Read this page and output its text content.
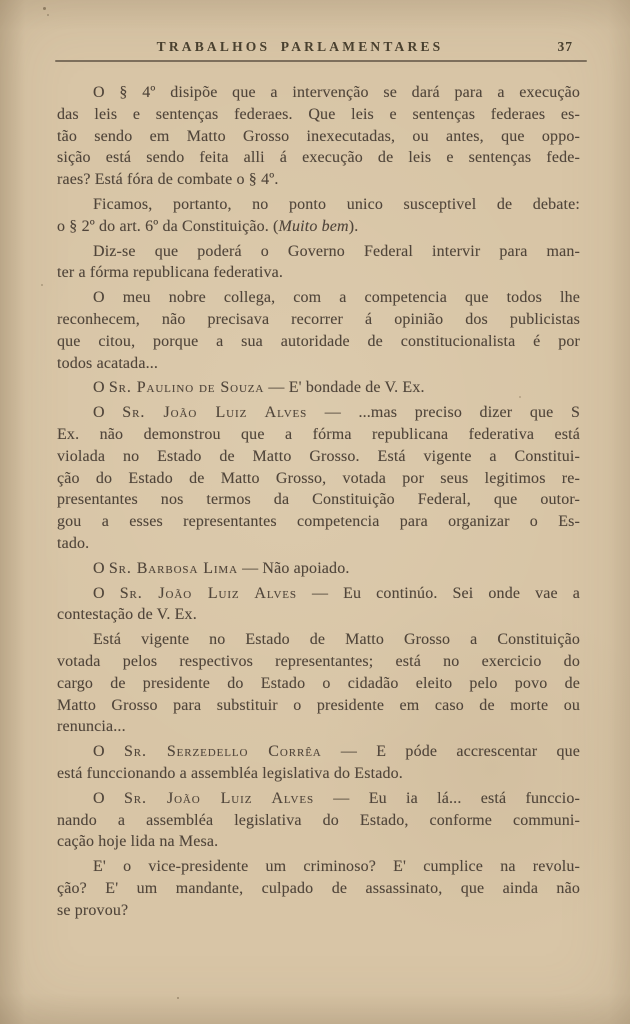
TRABALHOS PARLAMENTARES	37
O § 4º disipõe que a intervenção se dará para a execução
das leis e sentenças federaes. Que leis e sentenças federaes es-
tão sendo em Matto Grosso inexecutadas, ou antes, que oppo-
sição está sendo feita alli á execução de leis e sentenças fede-
raes? Está fóra de combate o § 4º.
Ficamos, portanto, no ponto unico susceptivel de debate:
o § 2º do art. 6º da Constituição. (Muito bem).
Diz-se que poderá o Governo Federal intervir para man-
ter a fórma republicana federativa.
O meu nobre collega, com a competencia que todos lhe
reconhecem, não precisava recorrer á opinião dos publicistas
que citou, porque a sua autoridade de constitucionalista é por
todos acatada...
O Sr. Paulino de Souza — E' bondade de V. Ex.
O Sr. João Luiz Alves — ...mas preciso dizer que S
Ex. não demonstrou que a fórma republicana federativa está
violada no Estado de Matto Grosso. Está vigente a Constitui-
ção do Estado de Matto Grosso, votada por seus legitimos re-
presentantes nos termos da Constituição Federal, que outor-
gou a esses representantes competencia para organizar o Es-
tado.
O Sr. Barbosa Lima — Não apoiado.
O Sr. João Luiz Alves — Eu continúo. Sei onde vae a
contestação de V. Ex.
Está vigente no Estado de Matto Grosso a Constituição
votada pelos respectivos representantes; está no exercicio do
cargo de presidente do Estado o cidadão eleito pelo povo de
Matto Grosso para substituir o presidente em caso de morte ou
renuncia...
O Sr. Serzedello Corrêa — E póde accrescentar que
está funccionando a assembléa legislativa do Estado.
O Sr. João Luiz Alves — Eu ia lá... está funccio-
nando a assembléa legislativa do Estado, conforme communi-
cação hoje lida na Mesa.
E' o vice-presidente um criminoso? E' cumplice na revolu-
ção? E' um mandante, culpado de assassinato, que ainda não
se provou?
